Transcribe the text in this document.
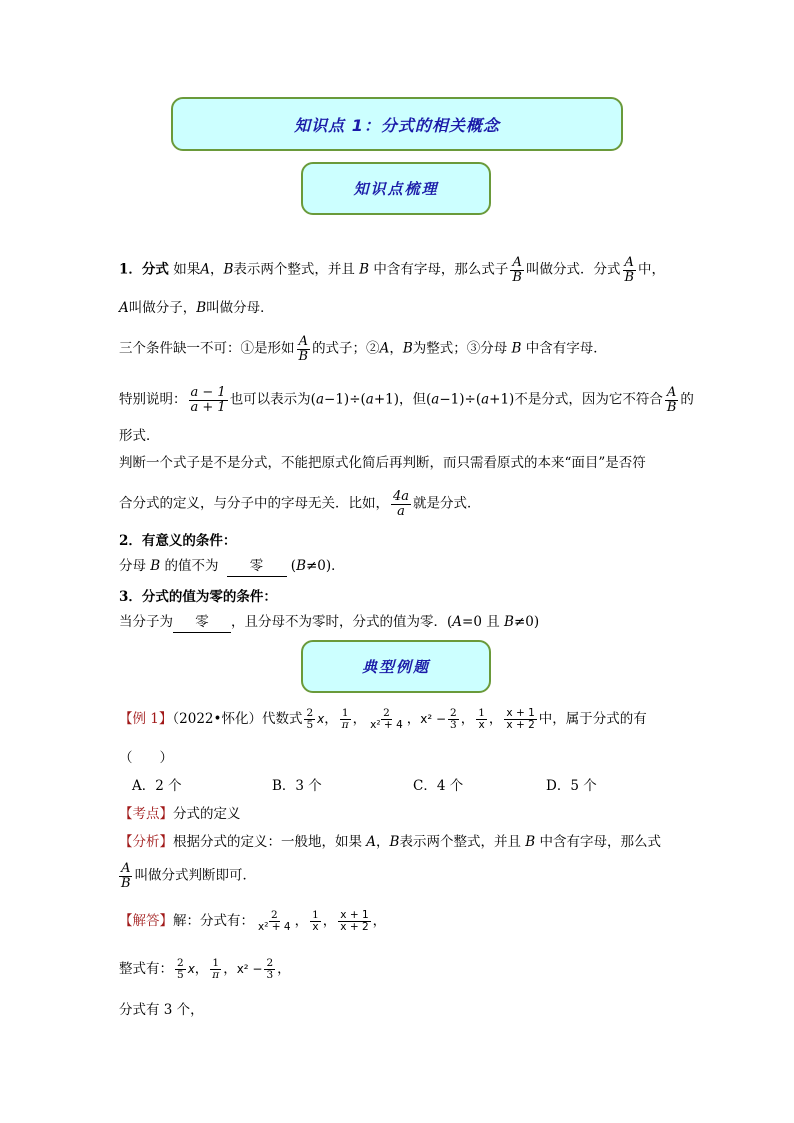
知识点 1：分式的相关概念
知识点梳理
1．分式 如果A，B表示两个整式，并且 B 中含有字母，那么式子 $\frac{A}{B}$ 叫做分式．分式 $\frac{A}{B}$ 中，
A叫做分子，B叫做分母．
三个条件缺一不可：①是形如 $\frac{A}{B}$ 的式子；②A，B为整式；③分母 B 中含有字母．
特别说明： $\frac{a - 1}{a + 1}$ 也可以表示为(a−1)÷(a+1)，但(a−1)÷(a+1)不是分式，因为它不符合 $\frac{A}{B}$ 的
形式．
判断一个式子是不是分式，不能把原式化简后再判断，而只需看原式的本来“面目”是否符
合分式的定义，与分子中的字母无关．比如， $\frac{4a}{a}$ 就是分式．
2．有意义的条件：
分母 B 的值不为 零 (B≠0)．
3．分式的值为零的条件：
当分子为 零 ，且分母不为零时，分式的值为零．(A=0 且 B≠0)
典型例题
【例 1】（2022•怀化）代数式 $\frac{2}{5}$ x， $\frac{1}{\pi}$ ， $\frac{2}{\text{x² + 4}}$ ，$x^2 - \frac{2}{3}$ ， $\frac{1}{x}$ ， $\frac{x + 1}{x + 2}$ 中，属于分式的有
（　　）
A．2 个	B．3 个	C．4 个	D．5 个
【考点】分式的定义
【分析】根据分式的定义：一般地，如果 A，B表示两个整式，并且 B 中含有字母，那么式
$\frac{A}{B}$ 叫做分式判断即可．
【解答】解：分式有： $\frac{2}{\text{x² + 4}}$ ， $\frac{1}{x}$ ， $\frac{x + 1}{x + 2}$ ，
整式有： $\frac{2}{5}$ x， $\frac{1}{\pi}$ ，$x^2 - \frac{2}{3}$ ，
分式有 3 个，
